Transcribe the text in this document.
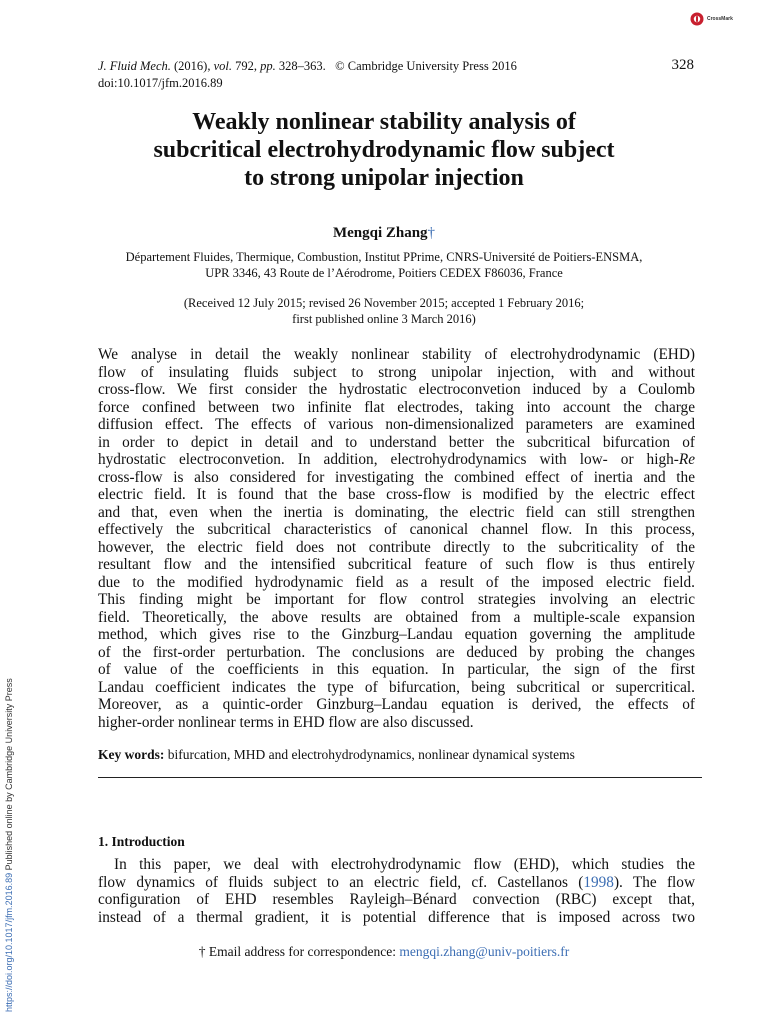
CrossMark
J. Fluid Mech. (2016), vol. 792, pp. 328–363. © Cambridge University Press 2016	328
doi:10.1017/jfm.2016.89
Weakly nonlinear stability analysis of
subcritical electrohydrodynamic flow subject
to strong unipolar injection
Mengqi Zhang†
Département Fluides, Thermique, Combustion, Institut PPrime, CNRS-Université de Poitiers-ENSMA,
UPR 3346, 43 Route de l’Aérodrome, Poitiers CEDEX F86036, France
(Received 12 July 2015; revised 26 November 2015; accepted 1 February 2016;
first published online 3 March 2016)
We analyse in detail the weakly nonlinear stability of electrohydrodynamic (EHD)
flow of insulating fluids subject to strong unipolar injection, with and without
cross-flow. We first consider the hydrostatic electroconvetion induced by a Coulomb
force confined between two infinite flat electrodes, taking into account the charge
diffusion effect. The effects of various non-dimensionalized parameters are examined
in order to depict in detail and to understand better the subcritical bifurcation of
hydrostatic electroconvetion. In addition, electrohydrodynamics with low- or high-Re
cross-flow is also considered for investigating the combined effect of inertia and the
electric field. It is found that the base cross-flow is modified by the electric effect
and that, even when the inertia is dominating, the electric field can still strengthen
effectively the subcritical characteristics of canonical channel flow. In this process,
however, the electric field does not contribute directly to the subcriticality of the
resultant flow and the intensified subcritical feature of such flow is thus entirely
due to the modified hydrodynamic field as a result of the imposed electric field.
This finding might be important for flow control strategies involving an electric
field. Theoretically, the above results are obtained from a multiple-scale expansion
method, which gives rise to the Ginzburg–Landau equation governing the amplitude
of the first-order perturbation. The conclusions are deduced by probing the changes
of value of the coefficients in this equation. In particular, the sign of the first
Landau coefficient indicates the type of bifurcation, being subcritical or supercritical.
Moreover, as a quintic-order Ginzburg–Landau equation is derived, the effects of
higher-order nonlinear terms in EHD flow are also discussed.
Key words: bifurcation, MHD and electrohydrodynamics, nonlinear dynamical systems
1. Introduction
In this paper, we deal with electrohydrodynamic flow (EHD), which studies the
flow dynamics of fluids subject to an electric field, cf. Castellanos (1998). The flow
configuration of EHD resembles Rayleigh–Bénard convection (RBC) except that,
instead of a thermal gradient, it is potential difference that is imposed across two
† Email address for correspondence: mengqi.zhang@univ-poitiers.fr
https://doi.org/10.1017/jfm.2016.89 Published online by Cambridge University Press
